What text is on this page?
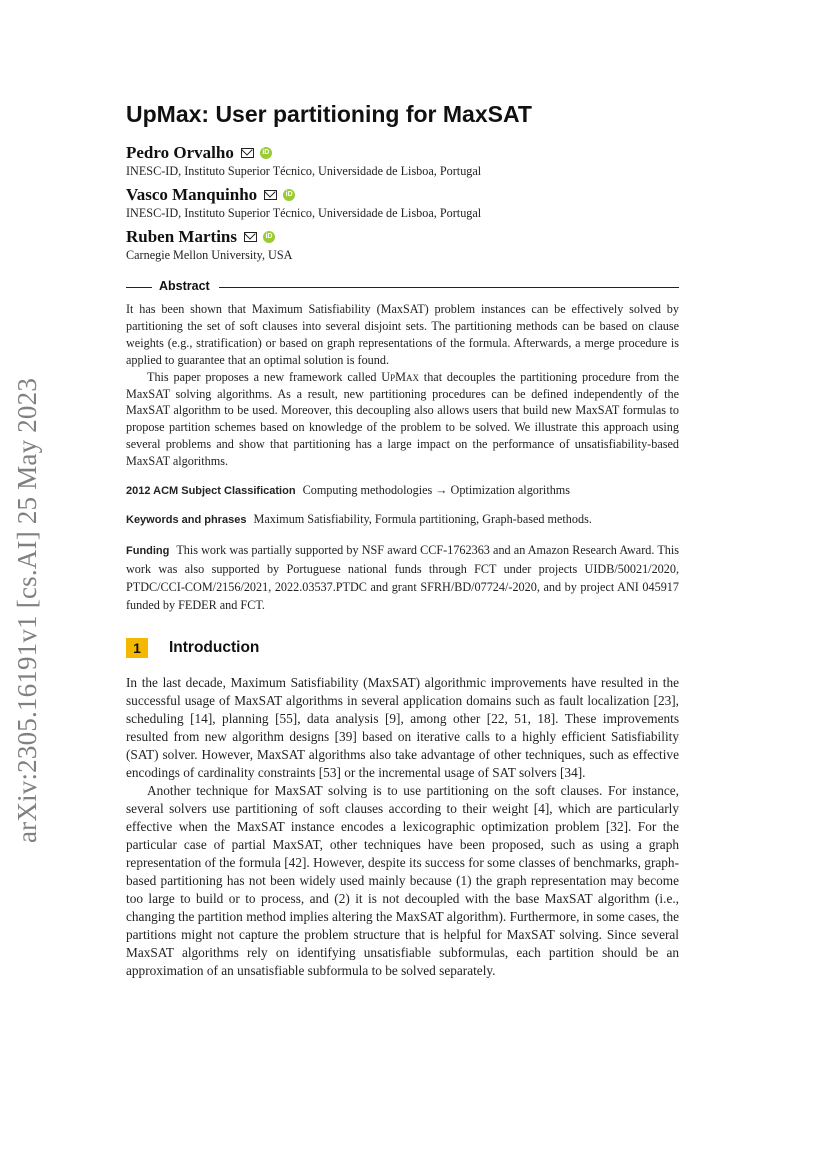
arXiv:2305.16191v1 [cs.AI] 25 May 2023
UpMax: User partitioning for MaxSAT
Pedro Orvalho	iD
INESC-ID, Instituto Superior Técnico, Universidade de Lisboa, Portugal
Vasco Manquinho	iD
INESC-ID, Instituto Superior Técnico, Universidade de Lisboa, Portugal
Ruben Martins	iD
Carnegie Mellon University, USA
Abstract

It has been shown that Maximum Satisfiability (MaxSAT) problem instances can be effectively solved by partitioning the set of soft clauses into several disjoint sets. The partitioning methods can be based on clause weights (e.g., stratification) or based on graph representations of the formula. Afterwards, a merge procedure is applied to guarantee that an optimal solution is found.

This paper proposes a new framework called UpMax that decouples the partitioning procedure from the MaxSAT solving algorithms. As a result, new partitioning procedures can be defined independently of the MaxSAT algorithm to be used. Moreover, this decoupling also allows users that build new MaxSAT formulas to propose partition schemes based on knowledge of the problem to be solved. We illustrate this approach using several problems and show that partitioning has a large impact on the performance of unsatisfiability-based MaxSAT algorithms.

2012 ACM Subject Classification Computing methodologies → Optimization algorithms
Keywords and phrases Maximum Satisfiability, Formula partitioning, Graph-based methods.
Funding This work was partially supported by NSF award CCF-1762363 and an Amazon Research Award. This work was also supported by Portuguese national funds through FCT under projects UIDB/50021/2020, PTDC/CCI-COM/2156/2021, 2022.03537.PTDC and grant SFRH/BD/07724/-2020, and by project ANI 045917 funded by FEDER and FCT.
1 Introduction

In the last decade, Maximum Satisfiability (MaxSAT) algorithmic improvements have resulted in the successful usage of MaxSAT algorithms in several application domains such as fault localization [23], scheduling [14], planning [55], data analysis [9], among other [22, 51, 18]. These improvements resulted from new algorithm designs [39] based on iterative calls to a highly efficient Satisfiability (SAT) solver. However, MaxSAT algorithms also take advantage of other techniques, such as effective encodings of cardinality constraints [53] or the incremental usage of SAT solvers [34].

Another technique for MaxSAT solving is to use partitioning on the soft clauses. For instance, several solvers use partitioning of soft clauses according to their weight [4], which are particularly effective when the MaxSAT instance encodes a lexicographic optimization problem [32]. For the particular case of partial MaxSAT, other techniques have been proposed, such as using a graph representation of the formula [42]. However, despite its success for some classes of benchmarks, graph-based partitioning has not been widely used mainly because (1) the graph representation may become too large to build or to process, and (2) it is not decoupled with the base MaxSAT algorithm (i.e., changing the partition method implies altering the MaxSAT algorithm). Furthermore, in some cases, the partitions might not capture the problem structure that is helpful for MaxSAT solving. Since several MaxSAT algorithms rely on identifying unsatisfiable subformulas, each partition should be an approximation of an unsatisfiable subformula to be solved separately.
